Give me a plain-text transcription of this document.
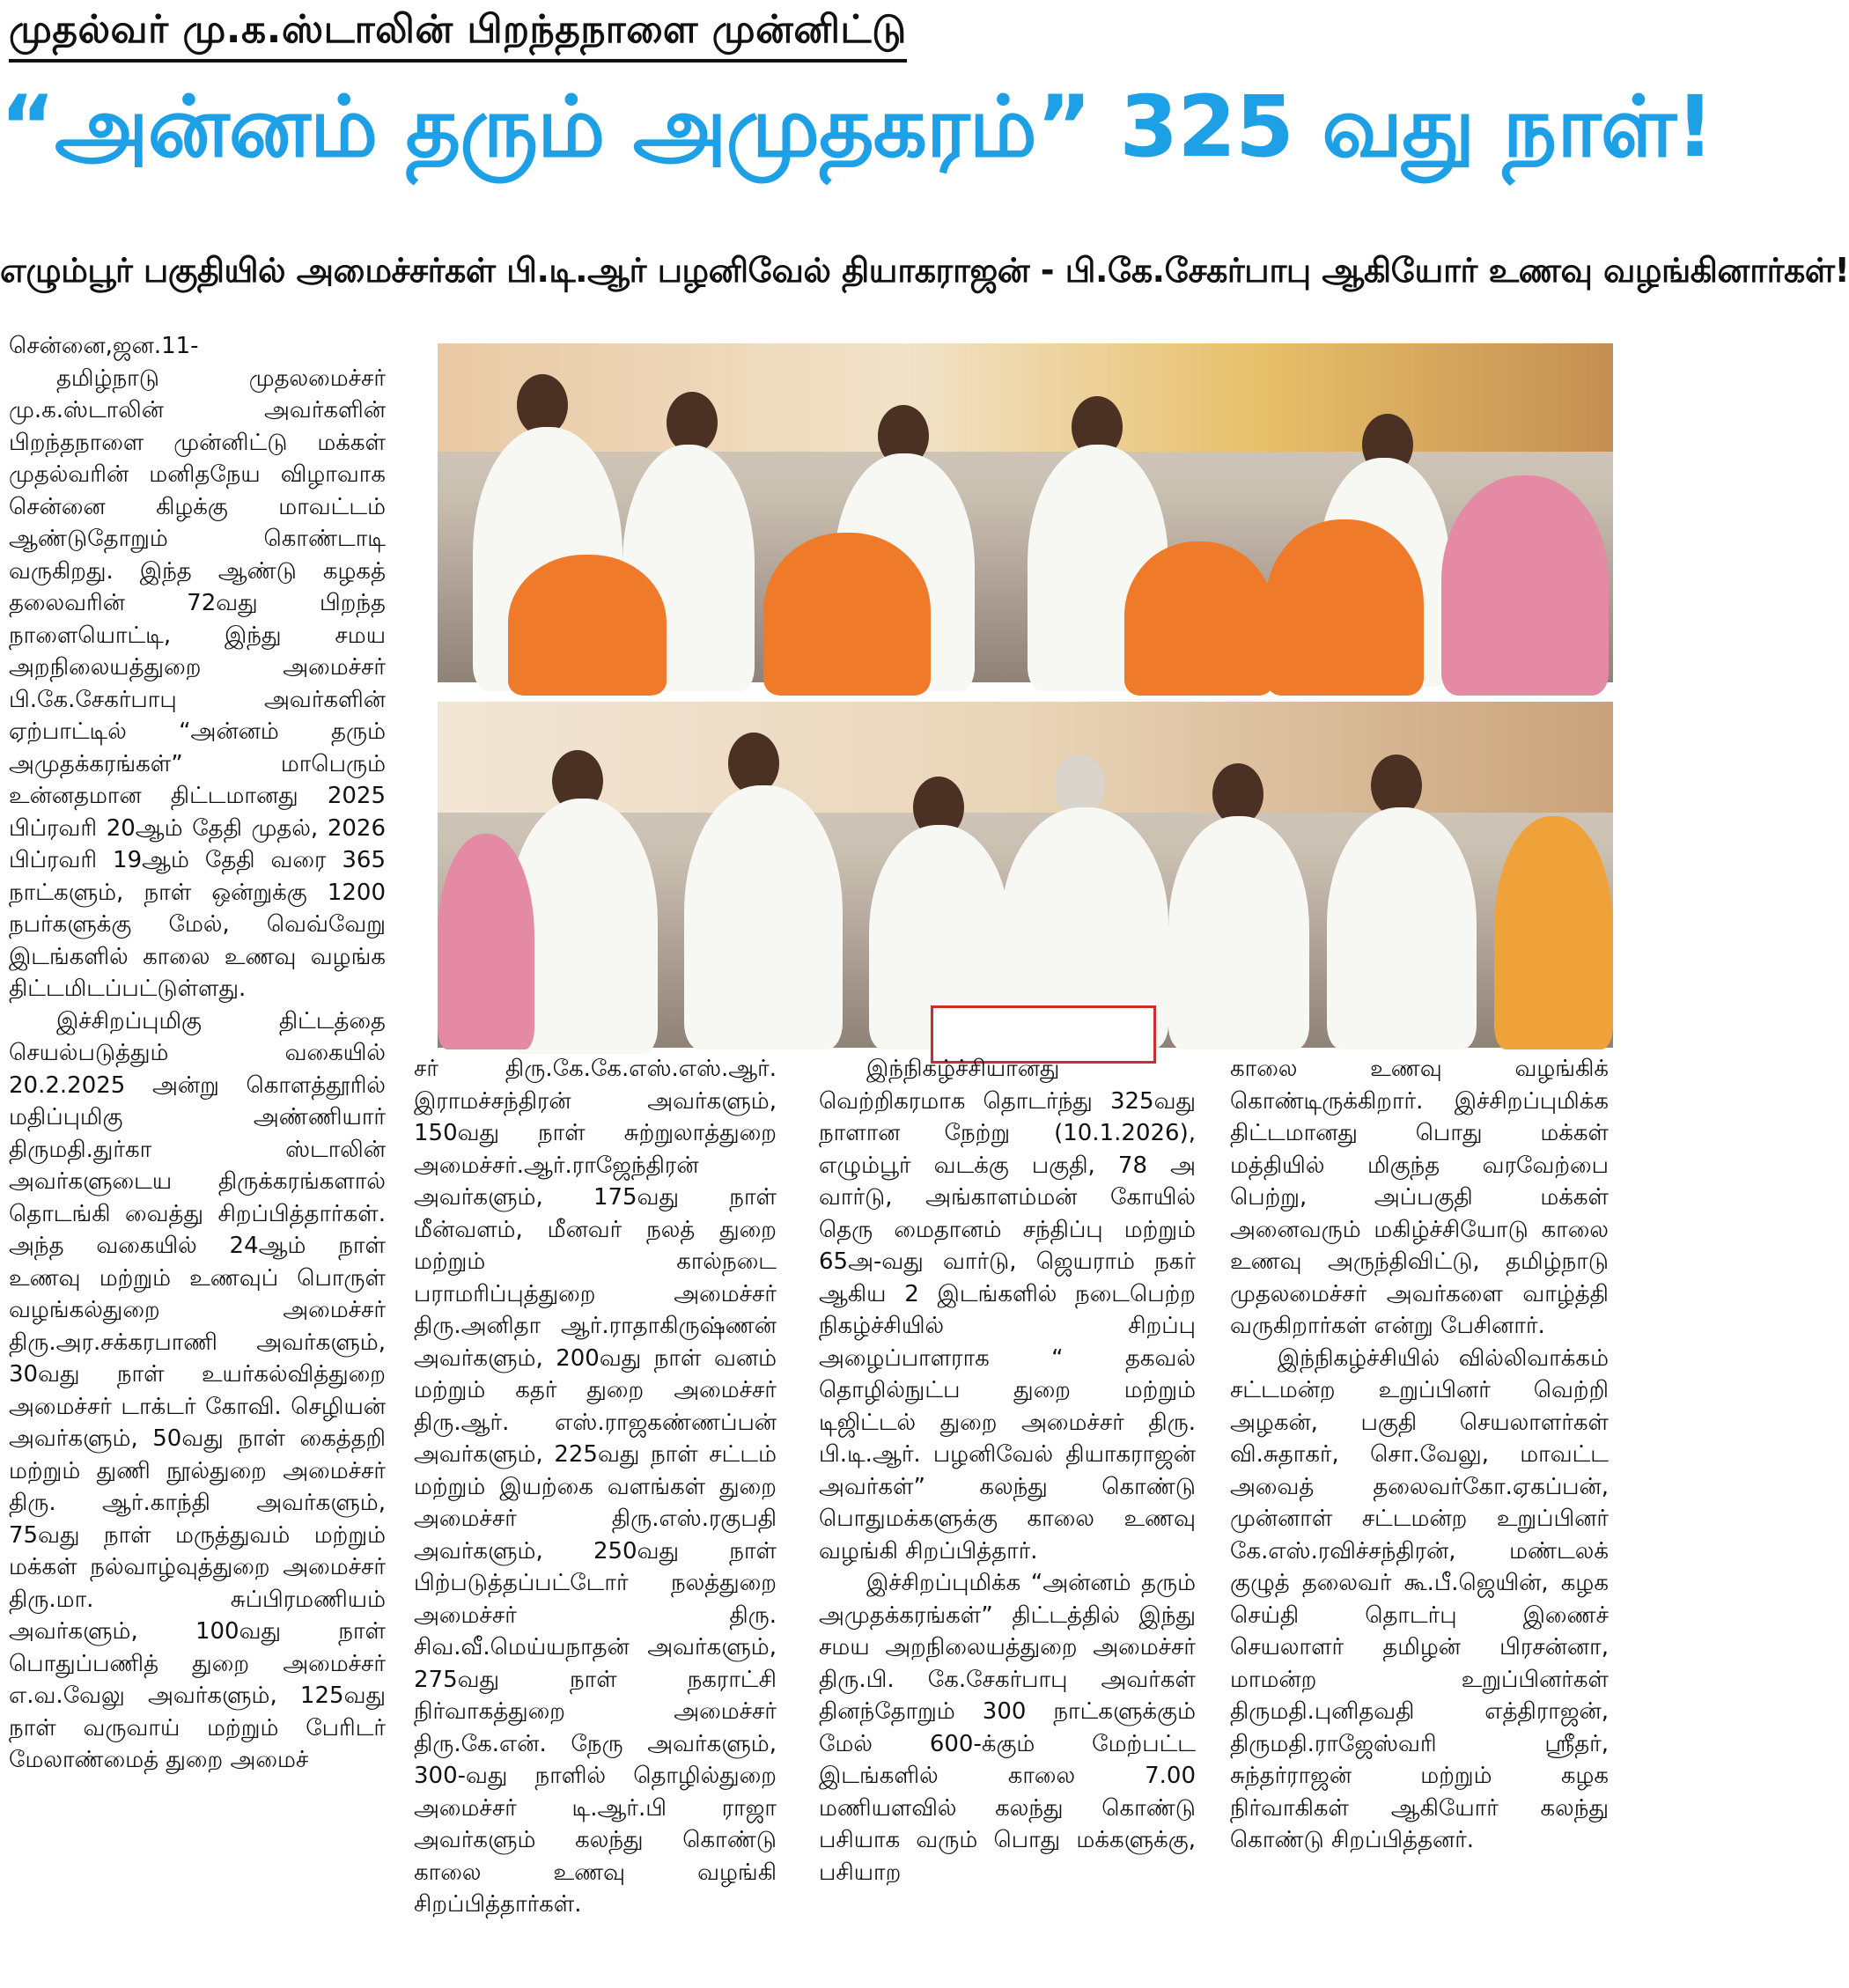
முதல்வர் மு.க.ஸ்டாலின் பிறந்தநாளை முன்னிட்டு
“அன்னம் தரும் அமுதகரம்” 325 வது நாள்!
எழும்பூர் பகுதியில் அமைச்சர்கள் பி.டி.ஆர் பழனிவேல் தியாகராஜன் - பி.கே.சேகர்பாபு ஆகியோர் உணவு வழங்கினார்கள்!

சென்னை,ஜன.11-

தமிழ்நாடு முதலமைச்சர் மு.க.ஸ்டாலின் அவர்களின் பிறந்தநாளை முன்னிட்டு மக்கள் முதல்வரின் மனிதநேய விழாவாக சென்னை கிழக்கு மாவட்டம் ஆண்டுதோறும் கொண்டாடி வருகிறது. இந்த ஆண்டு கழகத் தலைவரின் 72வது பிறந்த நாளையொட்டி, இந்து சமய அறநிலையத்துறை அமைச்சர் பி.கே.சேகர்பாபு அவர்களின் ஏற்பாட்டில் “அன்னம் தரும் அமுதக்கரங்கள்” மாபெரும் உன்னதமான திட்டமானது 2025 பிப்ரவரி 20ஆம் தேதி முதல், 2026 பிப்ரவரி 19ஆம் தேதி வரை 365 நாட்களும், நாள் ஒன்றுக்கு 1200 நபர்களுக்கு மேல், வெவ்வேறு இடங்களில் காலை உணவு வழங்க திட்டமிடப்பட்டுள்ளது.

இச்சிறப்புமிகு திட்டத்தை செயல்படுத்தும் வகையில் 20.2.2025 அன்று கொளத்தூரில் மதிப்புமிகு அண்ணியார் திருமதி.துர்கா ஸ்டாலின் அவர்களுடைய திருக்கரங்களால் தொடங்கி வைத்து சிறப்பித்தார்கள். அந்த வகையில் 24ஆம் நாள் உணவு மற்றும் உணவுப் பொருள் வழங்கல்துறை அமைச்சர் திரு.அர.சக்கரபாணி அவர்களும், 30வது நாள் உயர்கல்வித்துறை அமைச்சர் டாக்டர் கோவி. செழியன் அவர்களும், 50வது நாள் கைத்தறி மற்றும் துணி நூல்துறை அமைச்சர் திரு. ஆர்.காந்தி அவர்களும், 75வது நாள் மருத்துவம் மற்றும் மக்கள் நல்வாழ்வுத்துறை அமைச்சர் திரு.மா. சுப்பிரமணியம் அவர்களும், 100வது நாள் பொதுப்பணித் துறை அமைச்சர் எ.வ.வேலு அவர்களும், 125வது நாள் வருவாய் மற்றும் பேரிடர் மேலாண்மைத் துறை அமைச்

சர் திரு.கே.கே.எஸ்.எஸ்.ஆர். இராமச்சந்திரன் அவர்களும், 150வது நாள் சுற்றுலாத்துறை அமைச்சர்.ஆர்.ராஜேந்திரன் அவர்களும், 175வது நாள் மீன்வளம், மீனவர் நலத் துறை மற்றும் கால்நடை பராமரிப்புத்துறை அமைச்சர் திரு.அனிதா ஆர்.ராதாகிருஷ்ணன் அவர்களும், 200வது நாள் வனம் மற்றும் கதர் துறை அமைச்சர் திரு.ஆர். எஸ்.ராஜகண்ணப்பன் அவர்களும், 225வது நாள் சட்டம் மற்றும் இயற்கை வளங்கள் துறை அமைச்சர் திரு.எஸ்.ரகுபதி அவர்களும், 250வது நாள் பிற்படுத்தப்பட்டோர் நலத்துறை அமைச்சர் திரு. சிவ.வீ.மெய்யநாதன் அவர்களும், 275வது நாள் நகராட்சி நிர்வாகத்துறை அமைச்சர் திரு.கே.என். நேரு அவர்களும், 300-வது நாளில் தொழில்துறை அமைச்சர் டி.ஆர்.பி ராஜா அவர்களும் கலந்து கொண்டு காலை உணவு வழங்கி சிறப்பித்தார்கள்.

இந்நிகழ்ச்சியானது வெற்றிகரமாக தொடர்ந்து 325வது நாளான நேற்று (10.1.2026), எழும்பூர் வடக்கு பகுதி, 78 அ வார்டு, அங்காளம்மன் கோயில் தெரு மைதானம் சந்திப்பு மற்றும் 65அ-வது வார்டு, ஜெயராம் நகர் ஆகிய 2 இடங்களில் நடைபெற்ற நிகழ்ச்சியில் சிறப்பு அழைப்பாளராக “ தகவல் தொழில்நுட்ப துறை மற்றும் டிஜிட்டல் துறை அமைச்சர் திரு. பி.டி.ஆர். பழனிவேல் தியாகராஜன் அவர்கள்” கலந்து கொண்டு பொதுமக்களுக்கு காலை உணவு வழங்கி சிறப்பித்தார்.

இச்சிறப்புமிக்க “அன்னம் தரும் அமுதக்கரங்கள்” திட்டத்தில் இந்து சமய அறநிலையத்துறை அமைச்சர் திரு.பி. கே.சேகர்பாபு அவர்கள் தினந்தோறும் 300 நாட்களுக்கும் மேல் 600-க்கும் மேற்பட்ட இடங்களில் காலை 7.00 மணியளவில் கலந்து கொண்டு பசியாக வரும் பொது மக்களுக்கு, பசியாற

காலை உணவு வழங்கிக் கொண்டிருக்கிறார். இச்சிறப்புமிக்க திட்டமானது பொது மக்கள் மத்தியில் மிகுந்த வரவேற்பை பெற்று, அப்பகுதி மக்கள் அனைவரும் மகிழ்ச்சியோடு காலை உணவு அருந்திவிட்டு, தமிழ்நாடு முதலமைச்சர் அவர்களை வாழ்த்தி வருகிறார்கள் என்று பேசினார்.

இந்நிகழ்ச்சியில் வில்லிவாக்கம் சட்டமன்ற உறுப்பினர் வெற்றி அழகன், பகுதி செயலாளர்கள் வி.சுதாகர், சொ.வேலு, மாவட்ட அவைத் தலைவர்கோ.ஏகப்பன், முன்னாள் சட்டமன்ற உறுப்பினர் கே.எஸ்.ரவிச்சந்திரன், மண்டலக் குழுத் தலைவர் கூ.பீ.ஜெயின், கழக செய்தி தொடர்பு இணைச் செயலாளர் தமிழன் பிரசன்னா, மாமன்ற உறுப்பினர்கள் திருமதி.புனிதவதி எத்திராஜன், திருமதி.ராஜேஸ்வரி ஸ்ரீதர், சுந்தர்ராஜன் மற்றும் கழக நிர்வாகிகள் ஆகியோர் கலந்து கொண்டு சிறப்பித்தனர்.
